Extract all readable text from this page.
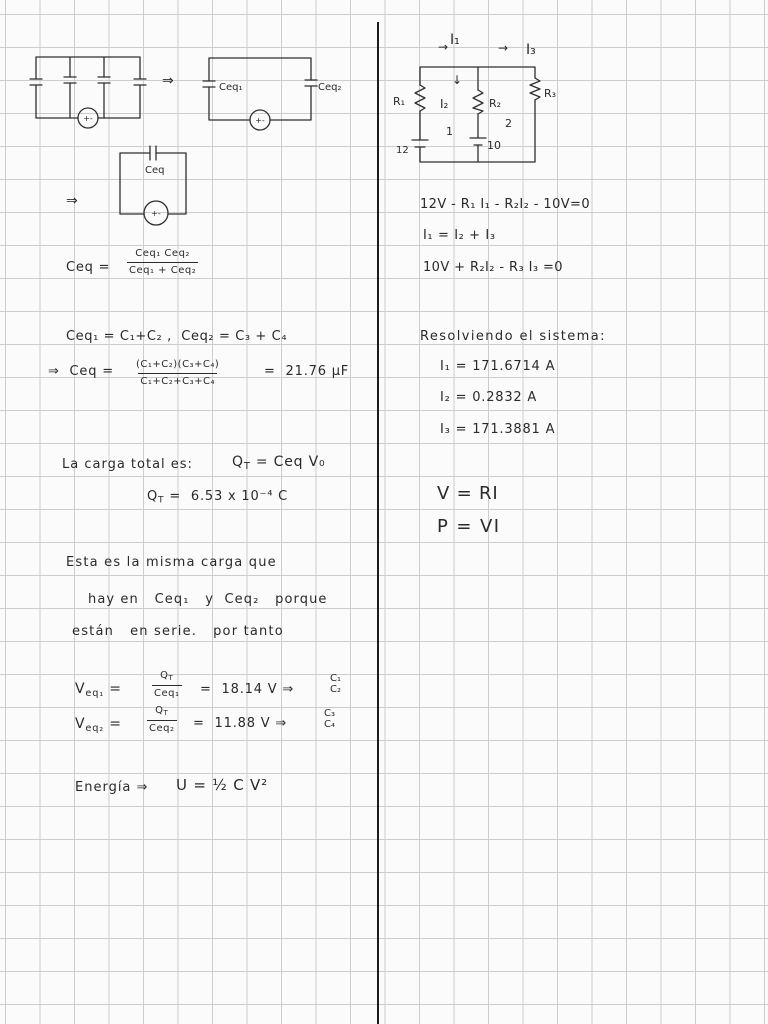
+-	+-
Ceq₁	Ceq₂
+-
Ceq
→ I₁	→ I₃
↓
I₂
R₁	R₂
R₃
1
2
12	10
⇒
⇒
Ceq =
Ceq₁ Ceq₂
Ceq₁ + Ceq₂
Ceq₁ = C₁+C₂ ,  Ceq₂ = C₃ + C₄
⇒  Ceq = $\frac{\text{(C₁+C₂)(C₃+C₄)}}{\text{C₁+C₂+C₃+C₄}}$	=  21.76 μF
La carga total es:	$Q_T$ = Ceq V₀
$Q_T = 6.53$ x 10⁻⁴ C
Esta es la misma carga que
hay en   Ceq₁   y  Ceq₂   porque
están   en serie.   por tanto
$V_{eq_1}$ =
$Q_T$
Ceq₁ =  18.14 V ⇒
C₁
C₂
$V_{eq_2}$ =
$Q_T$
Ceq₂ =  11.88 V ⇒
C₃
C₄
Energía ⇒ U = ½ C V²
12V - R₁ I₁ - R₂I₂ - 10V=0
I₁ = I₂ + I₃
10V + R₂I₂ - R₃ I₃ =0
Resolviendo el sistema:
I₁ = 171.6714 A
I₂ = 0.2832 A
I₃ = 171.3881 A
V = RI
P = VI
